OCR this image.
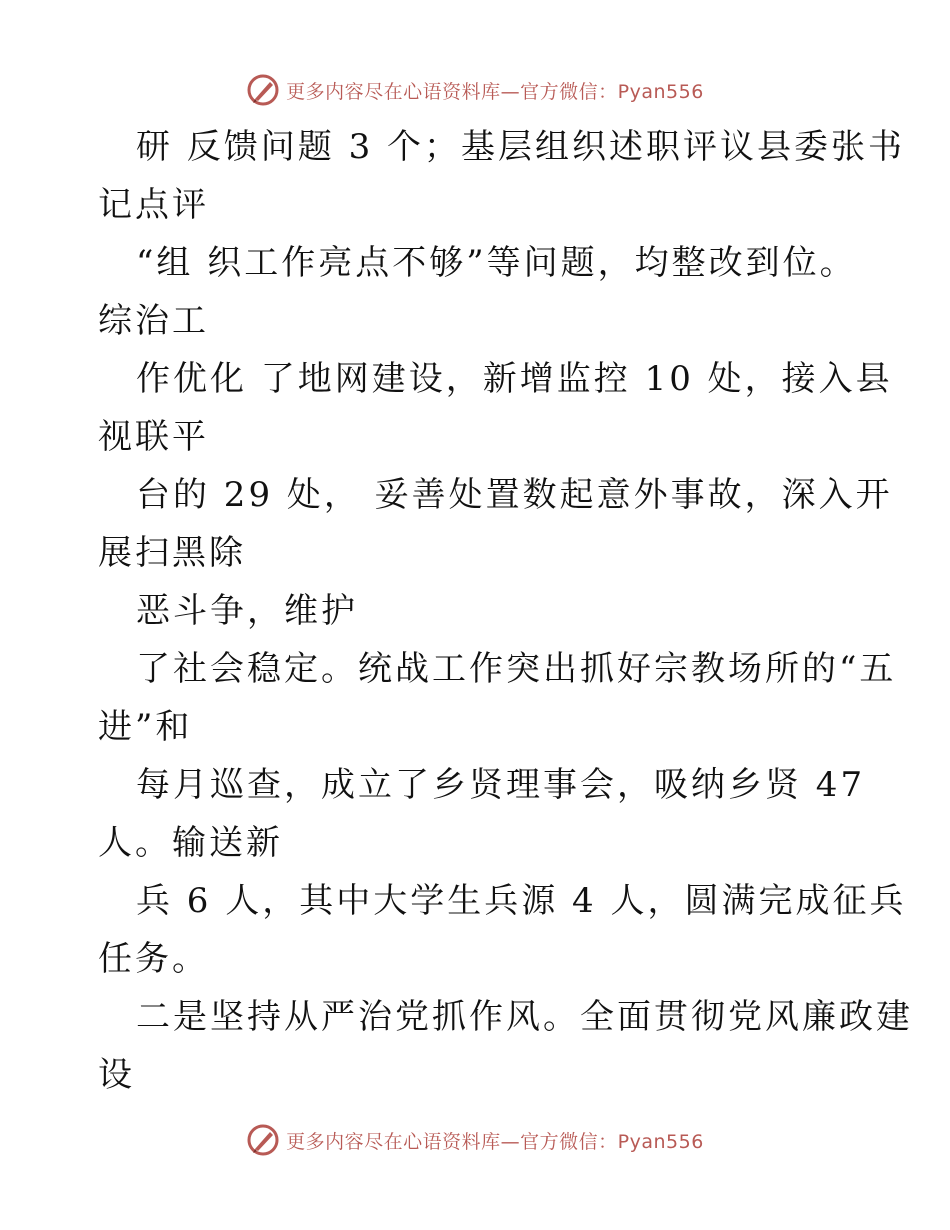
更多内容尽在心语资料库—官方微信：Pyan556
研 反馈问题 3 个；基层组织述职评议县委张书
记点评
“组 织工作亮点不够”等问题，均整改到位。
综治工
作优化 了地网建设，新增监控 10 处，接入县
视联平
台的 29 处， 妥善处置数起意外事故，深入开
展扫黑除
恶斗争，维护
了社会稳定。统战工作突出抓好宗教场所的“五
进”和
每月巡查，成立了乡贤理事会，吸纳乡贤 47
人。输送新
兵 6 人，其中大学生兵源 4 人，圆满完成征兵
任务。
二是坚持从严治党抓作风。全面贯彻党风廉政建
设
更多内容尽在心语资料库—官方微信：Pyan556
